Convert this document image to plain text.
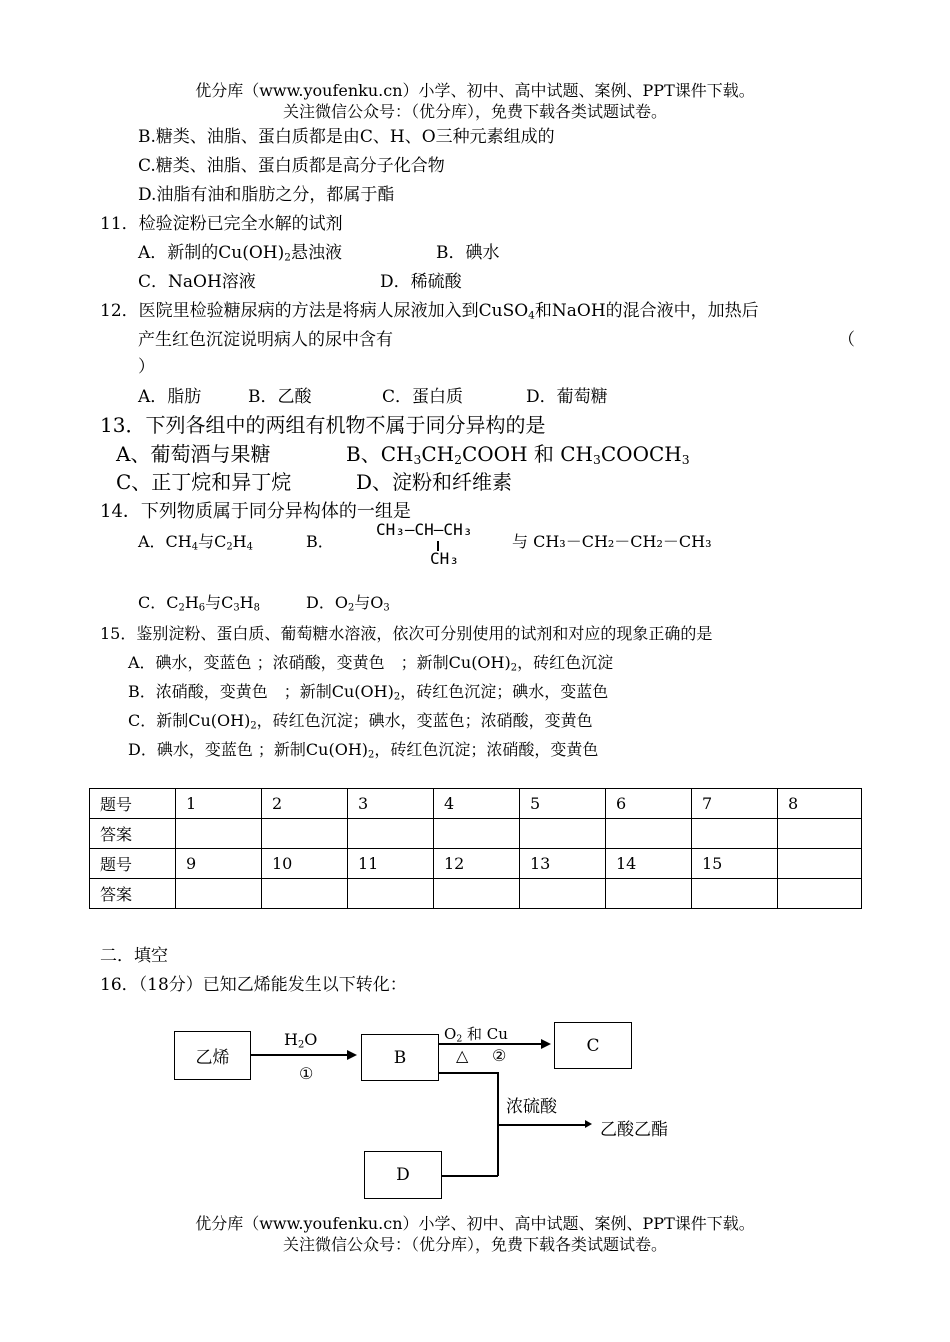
优分库（www.youfenku.cn）小学、初中、高中试题、案例、PPT课件下载。
关注微信公众号：（优分库），免费下载各类试题试卷。
B.糖类、油脂、蛋白质都是由C、H、O三种元素组成的
C.糖类、油脂、蛋白质都是高分子化合物
D.油脂有油和脂肪之分，都属于酯
11．检验淀粉已完全水解的试剂
A．新制的$Cu(OH)_2$悬浊液	B．碘水
C．NaOH溶液	D．稀硫酸
12．医院里检验糖尿病的方法是将病人尿液加入到CuSO$_4$和NaOH的混合液中，加热后
产生红色沉淀说明病人的尿中含有	（
）
A．脂肪	B．乙酸	C．蛋白质	D．葡萄糖
13．下列各组中的两组有机物不属于同分异构的是
A、葡萄酒与果糖	B、$CH_3CH_2COOH$ 和 $CH_3COOCH_3$
C、正丁烷和异丁烷	D、淀粉和纤维素
14．下列物质属于同分异构体的一组是
A．$CH_4$与$C_2H_4$	B．
CH₃—CH—CH₃
CH₃
与 CH₃－CH₂－CH₂－CH₃
C．$C_2H_6$与$C_3H_8$	D．$O_2$与$O_3$
15．鉴别淀粉、蛋白质、葡萄糖水溶液，依次可分别使用的试剂和对应的现象正确的是
A．碘水，变蓝色 ；浓硝酸，变黄色　；新制$Cu(OH)_2$，砖红色沉淀
B．浓硝酸，变黄色　；新制$Cu(OH)_2$，砖红色沉淀；碘水，变蓝色
C．新制$Cu(OH)_2$，砖红色沉淀；碘水，变蓝色；浓硝酸，变黄色
D．碘水，变蓝色 ；新制$Cu(OH)_2$，砖红色沉淀；浓硝酸，变黄色
题号	1	2	3	4	5	6	7	8
答案								
题号	9	10	11	12	13	14	15	
答案								
二．填空
16．（18分）已知乙烯能发生以下转化：
乙烯	B
C
D
$H_2O$
①
$O_2$ 和 Cu
△ ②
浓硫酸
乙酸乙酯
优分库（www.youfenku.cn）小学、初中、高中试题、案例、PPT课件下载。
关注微信公众号：（优分库），免费下载各类试题试卷。
